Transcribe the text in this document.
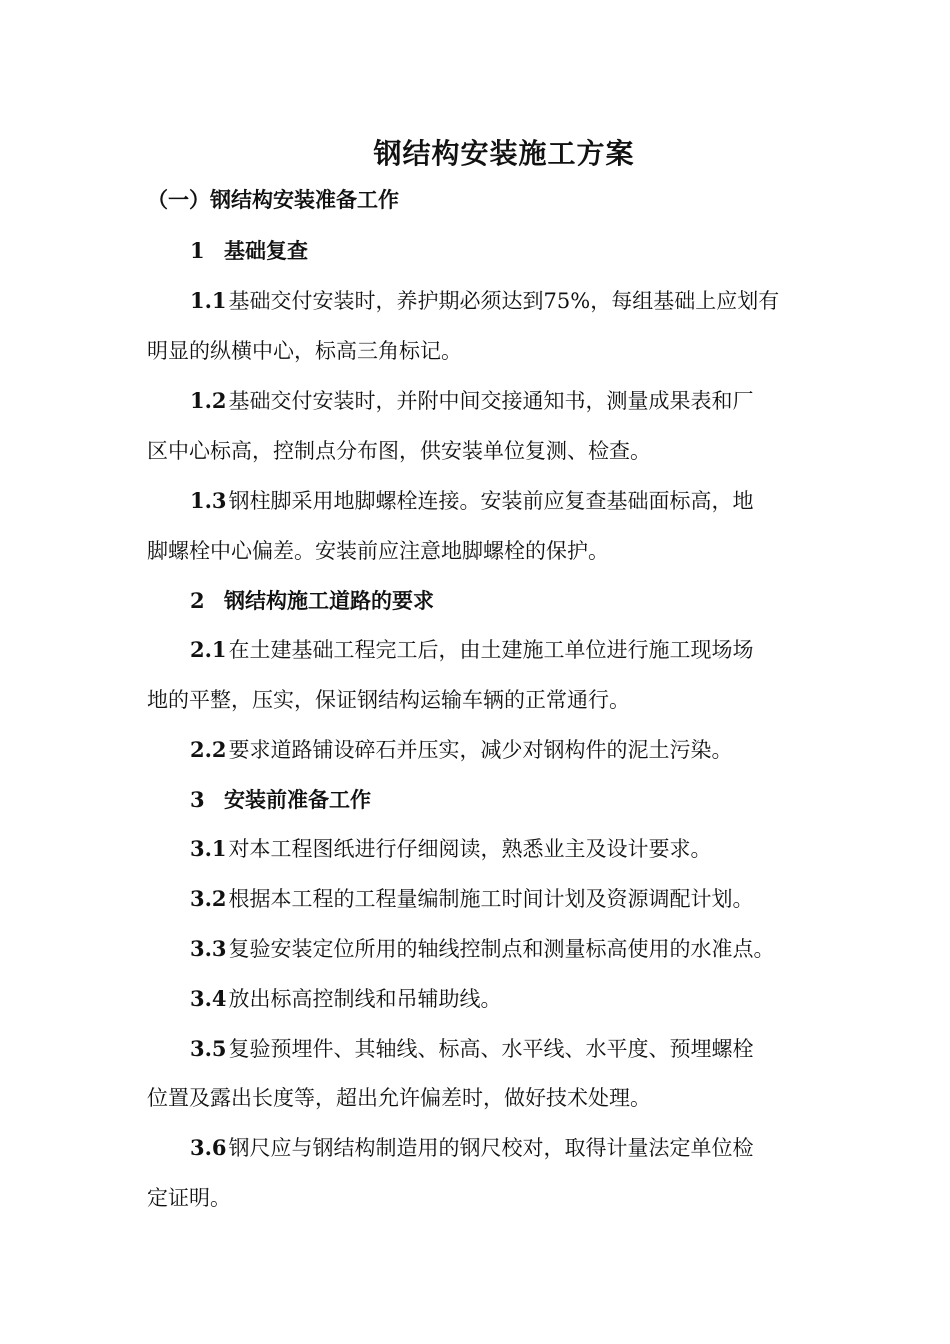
钢结构安装施工方案
（一）钢结构安装准备工作
1 基础复查
1.1基础交付安装时，养护期必须达到75%，每组基础上应划有
明显的纵横中心，标高三角标记。
1.2基础交付安装时，并附中间交接通知书，测量成果表和厂
区中心标高，控制点分布图，供安装单位复测、检查。
1.3钢柱脚采用地脚螺栓连接。安装前应复查基础面标高，地
脚螺栓中心偏差。安装前应注意地脚螺栓的保护。
2 钢结构施工道路的要求
2.1在土建基础工程完工后，由土建施工单位进行施工现场场
地的平整，压实，保证钢结构运输车辆的正常通行。
2.2要求道路铺设碎石并压实，减少对钢构件的泥土污染。
3 安装前准备工作
3.1对本工程图纸进行仔细阅读，熟悉业主及设计要求。
3.2根据本工程的工程量编制施工时间计划及资源调配计划。
3.3复验安装定位所用的轴线控制点和测量标高使用的水准点。
3.4放出标高控制线和吊辅助线。
3.5复验预埋件、其轴线、标高、水平线、水平度、预埋螺栓
位置及露出长度等，超出允许偏差时，做好技术处理。
3.6钢尺应与钢结构制造用的钢尺校对，取得计量法定单位检
定证明。
